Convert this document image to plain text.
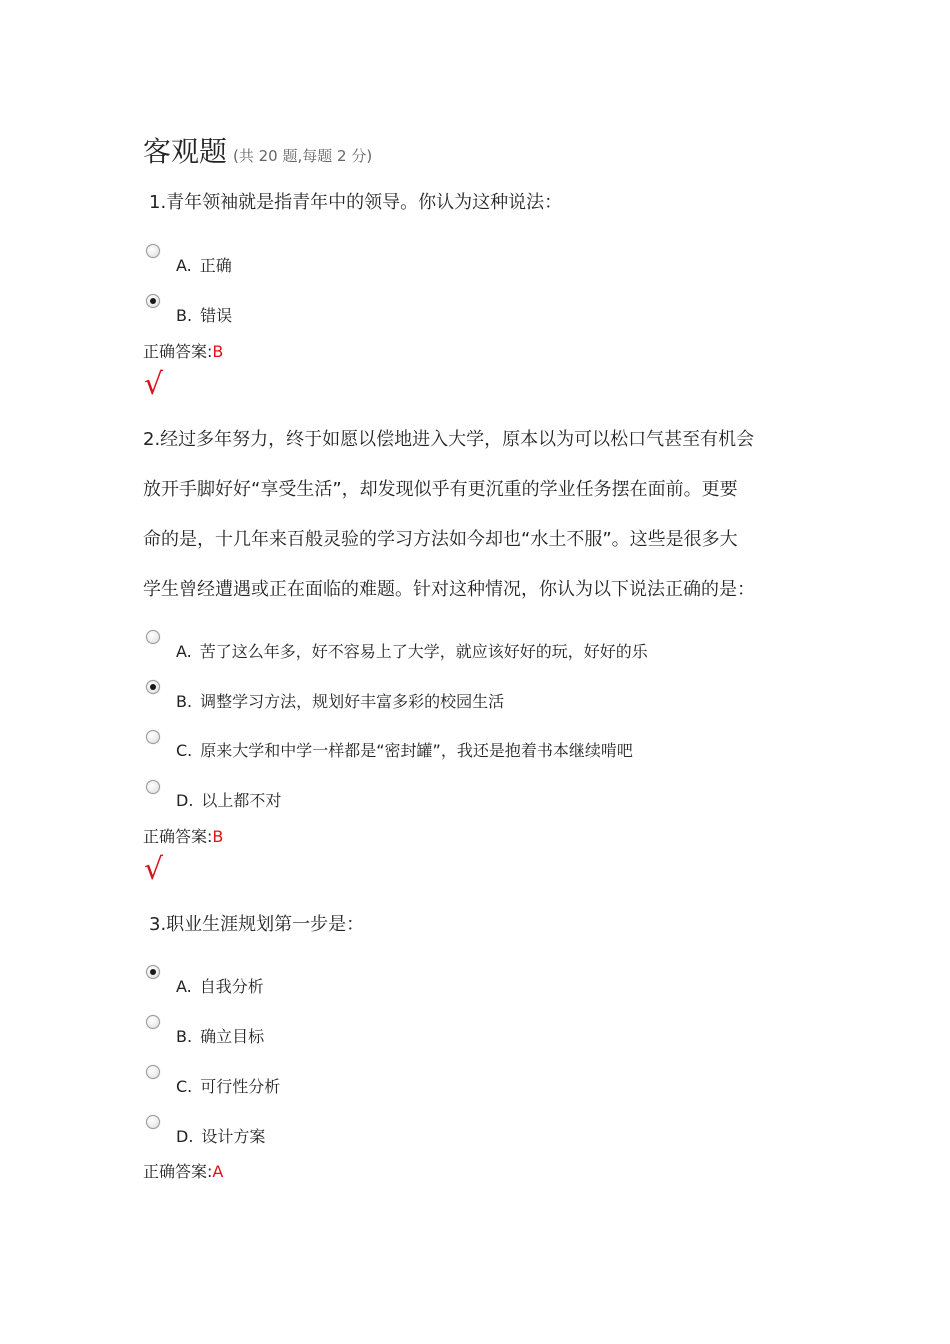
客观题 (共 20 题,每题 2 分)
1.青年领袖就是指青年中的领导。你认为这种说法：
A. 正确
B. 错误
正确答案:B
√
2.经过多年努力，终于如愿以偿地进入大学，原本以为可以松口气甚至有机会
放开手脚好好“享受生活”，却发现似乎有更沉重的学业任务摆在面前。更要
命的是，十几年来百般灵验的学习方法如今却也“水土不服”。这些是很多大
学生曾经遭遇或正在面临的难题。针对这种情况，你认为以下说法正确的是：
A. 苦了这么年多，好不容易上了大学，就应该好好的玩，好好的乐
B. 调整学习方法，规划好丰富多彩的校园生活
C. 原来大学和中学一样都是“密封罐”，我还是抱着书本继续啃吧
D. 以上都不对
正确答案:B
√
3.职业生涯规划第一步是：
A. 自我分析
B. 确立目标
C. 可行性分析
D. 设计方案
正确答案:A
